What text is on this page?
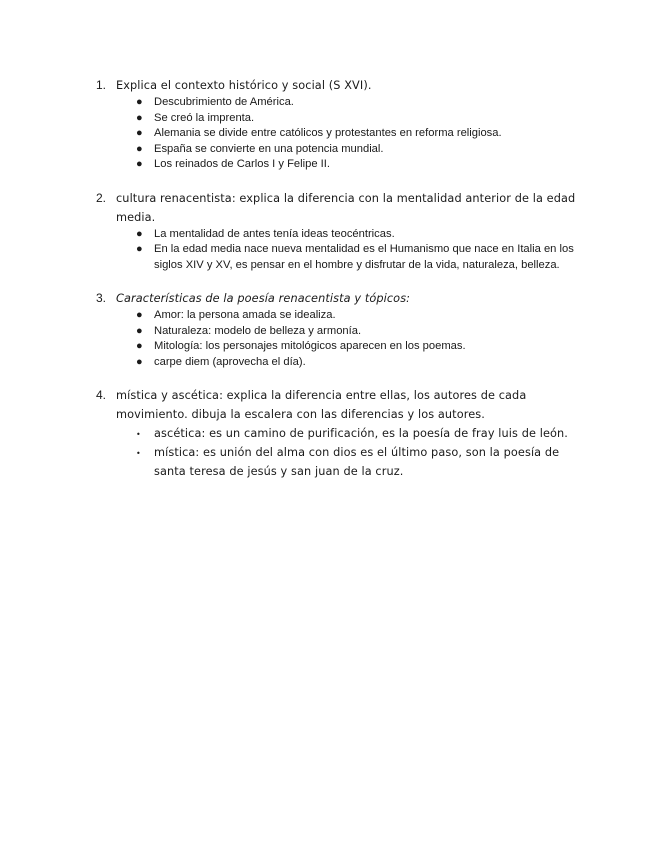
1. Explica el contexto histórico y social (S XVI).
● Descubrimiento de América.
● Se creó la imprenta.
● Alemania se divide entre católicos y protestantes en reforma religiosa.
● España se convierte en una potencia mundial.
● Los reinados de Carlos I y Felipe II.
2. cultura renacentista: explica la diferencia con la mentalidad anterior de la edad media.
● La mentalidad de antes tenía ideas teocéntricas.
● En la edad media nace nueva mentalidad es el Humanismo que nace en Italia en los siglos XIV y XV, es pensar en el hombre y disfrutar de la vida, naturaleza, belleza.
3. Características de la poesía renacentista y tópicos:
● Amor: la persona amada se idealiza.
● Naturaleza: modelo de belleza y armonía.
● Mitología: los personajes mitológicos aparecen en los poemas.
● carpe diem (aprovecha el día).
4. mística y ascética: explica la diferencia entre ellas, los autores de cada movimiento. dibuja la escalera con las diferencias y los autores.
• ascética: es un camino de purificación, es la poesía de fray luis de león.
• mística: es unión del alma con dios es el último paso, son la poesía de santa teresa de jesús y san juan de la cruz.
